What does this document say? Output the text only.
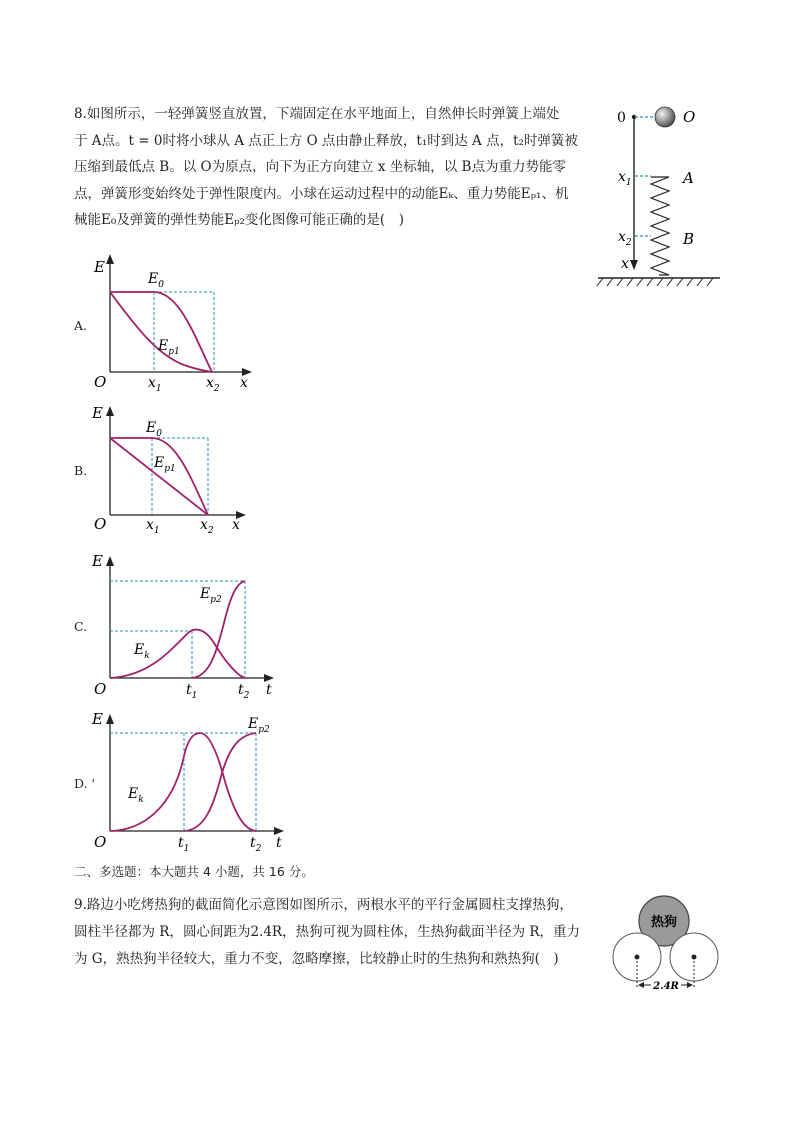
8.如图所示，一轻弹簧竖直放置，下端固定在水平地面上，自然伸长时弹簧上端处

于 A点。t = 0时将小球从 A 点正上方 O 点由静止释放，t₁时到达 A 点，t₂时弹簧被

压缩到最低点 B。以 O为原点，向下为正方向建立 x 坐标轴，以 B点为重力势能零

点，弹簧形变始终处于弹性限度内。小球在运动过程中的动能Eₖ、重力势能Eₚ₁、机

械能E₀及弹簧的弹性势能Eₚ₂变化图像可能正确的是(　)

0	O
$x_1$
$x_2$
x
A
B
A.
B.
C.
D. '
E
$E_0$
$E_{p1}$
O	$x_1$	$x_2$ x
E
$E_0$
$E_{p1}$
O	$x_1$	$x_2$ x
E
$E_{p2}$
$E_k$
O	$t_1$	$t_2$ t
E	$E_{p2}$
$E_k$
O	$t_1$	$t_2$ t
二、多选题：本大题共 4 小题，共 16 分。

9.路边小吃烤热狗的截面简化示意图如图所示，两根水平的平行金属圆柱支撑热狗，

圆柱半径都为 R，圆心间距为2.4R，热狗可视为圆柱体，生热狗截面半径为 R，重力

为 G，熟热狗半径较大，重力不变，忽略摩擦，比较静止时的生热狗和熟热狗(　)

热狗
2.4R
